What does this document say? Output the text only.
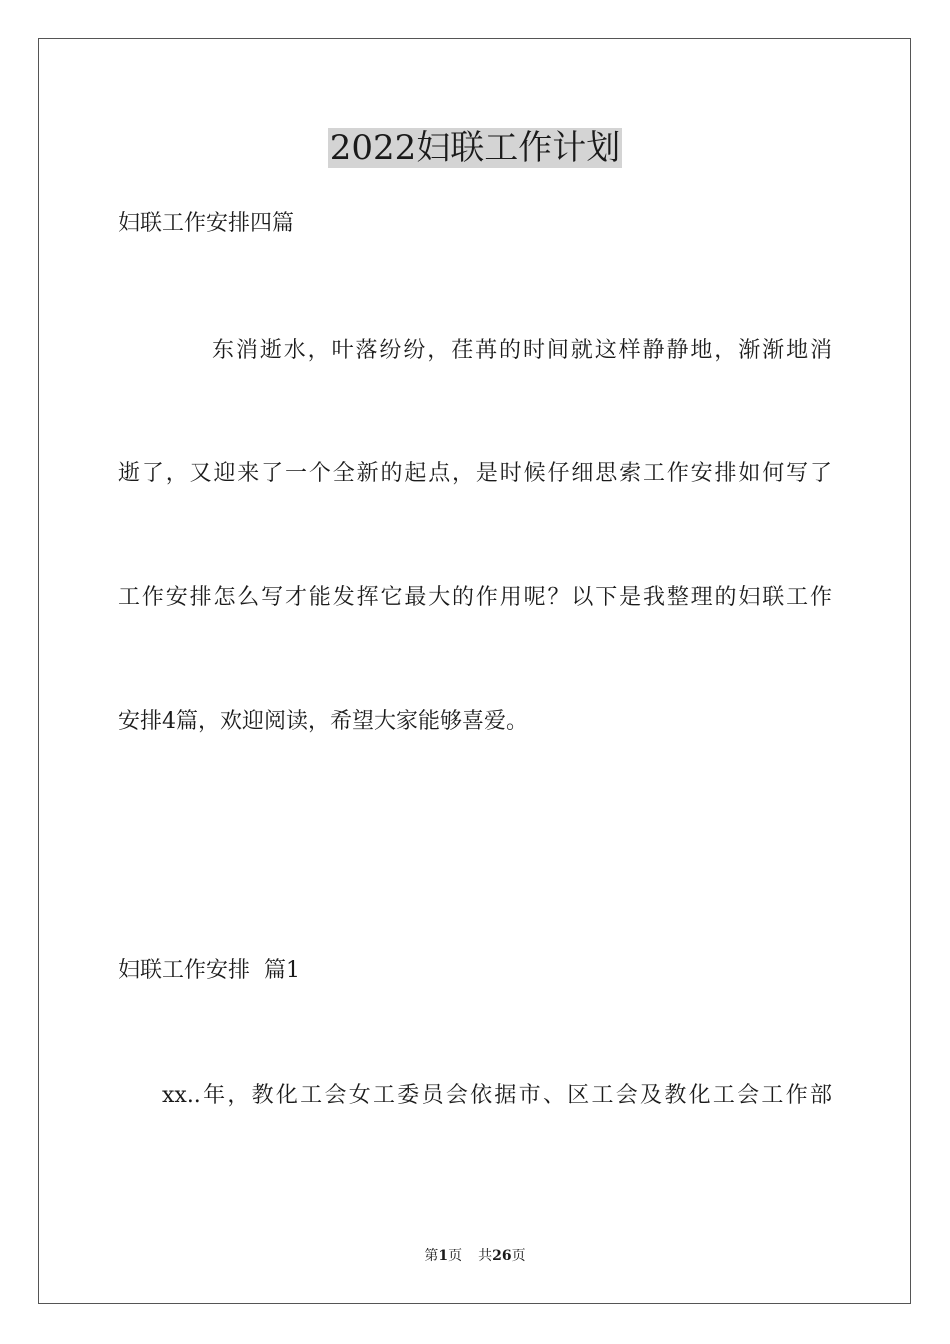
2022妇联工作计划

妇联工作安排四篇

东消逝水，叶落纷纷，荏苒的时间就这样静静地，渐渐地消

逝了，又迎来了一个全新的起点，是时候仔细思索工作安排如何写了

工作安排怎么写才能发挥它最大的作用呢？以下是我整理的妇联工作

安排4篇，欢迎阅读，希望大家能够喜爱。

妇联工作安排  篇1

xx..年，教化工会女工委员会依据市、区工会及教化工会工作部

第1页 共26页
